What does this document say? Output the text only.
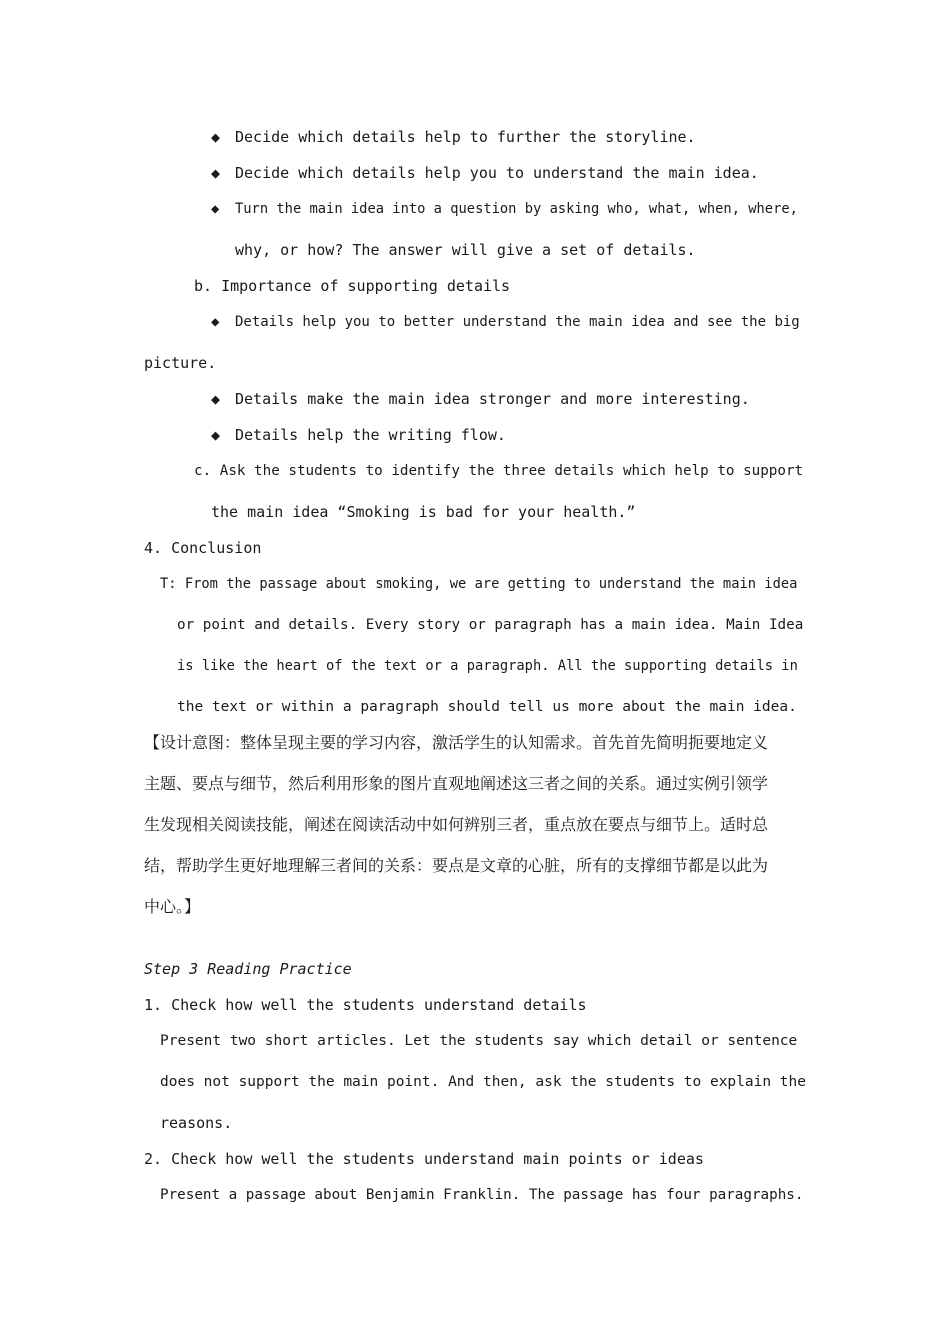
◆ Decide which details help to further the storyline.
◆ Decide which details help you to understand the main idea.
◆ Turn the main idea into a question by asking who, what, when, where,
why, or how? The answer will give a set of details.
b. Importance of supporting details
◆ Details help you to better understand the main idea and see the big
picture.
◆ Details make the main idea stronger and more interesting.
◆ Details help the writing flow.
c. Ask the students to identify the three details which help to support
the main idea “Smoking is bad for your health.”
4. Conclusion
T: From the passage about smoking, we are getting to understand the main idea
or point and details. Every story or paragraph has a main idea. Main Idea
is like the heart of the text or a paragraph. All the supporting details in
the text or within a paragraph should tell us more about the main idea.
【设计意图：整体呈现主要的学习内容，激活学生的认知需求。首先首先简明扼要地定义
主题、要点与细节，然后利用形象的图片直观地阐述这三者之间的关系。通过实例引领学
生发现相关阅读技能，阐述在阅读活动中如何辨别三者，重点放在要点与细节上。适时总
结，帮助学生更好地理解三者间的关系：要点是文章的心脏，所有的支撑细节都是以此为
中心。】
Step 3 Reading Practice
1. Check how well the students understand details
Present two short articles. Let the students say which detail or sentence
does not support the main point. And then, ask the students to explain the
reasons.
2. Check how well the students understand main points or ideas
Present a passage about Benjamin Franklin. The passage has four paragraphs.
